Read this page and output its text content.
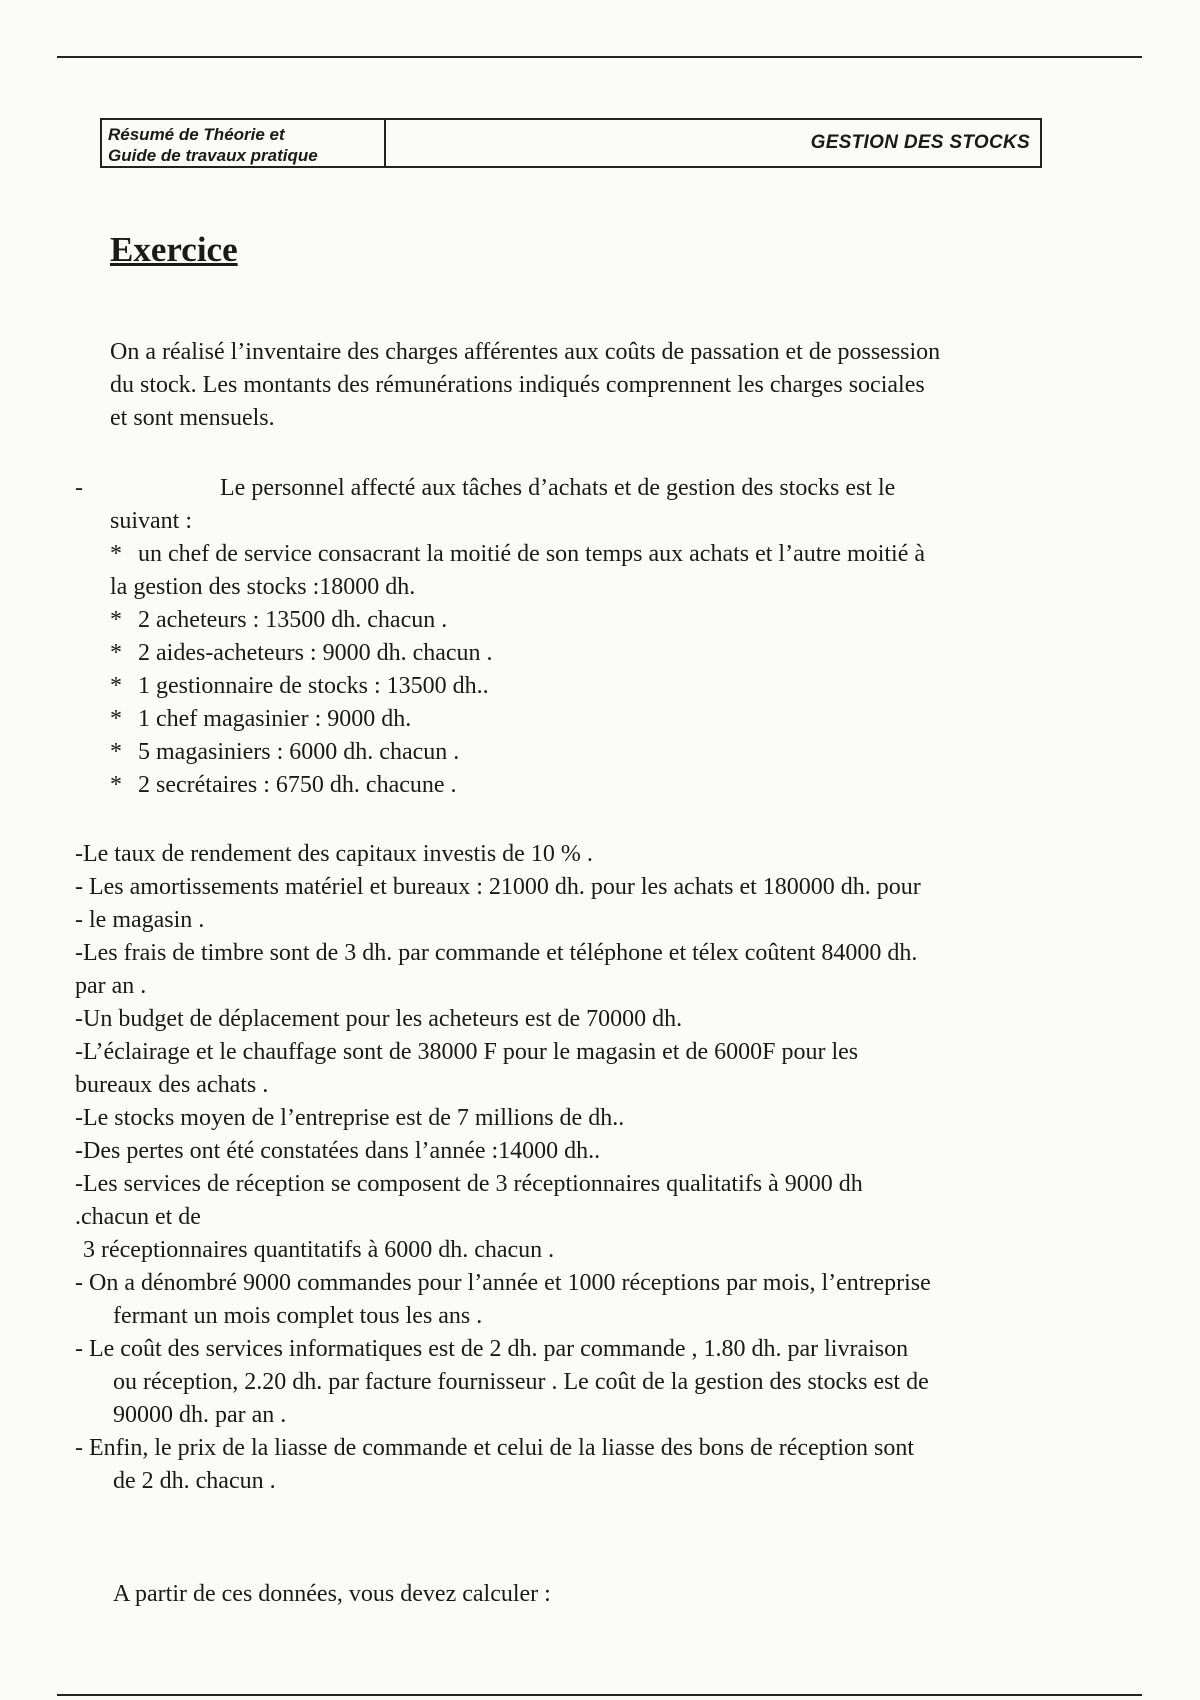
Résumé de Théorie et
Guide de travaux pratique
GESTION DES STOCKS
Exercice
On a réalisé l’inventaire des charges afférentes aux coûts de passation et de possession
du stock. Les montants des rémunérations indiqués comprennent les charges sociales
et sont mensuels.
-	Le personnel affecté aux tâches d’achats et de gestion des stocks est le
suivant :
* un chef de service consacrant la moitié de son temps aux achats et l’autre moitié à
la gestion des stocks :18000 dh.
* 2 acheteurs : 13500 dh. chacun .
* 2 aides-acheteurs : 9000 dh. chacun .
* 1 gestionnaire de stocks : 13500 dh..
* 1 chef magasinier : 9000 dh.
* 5 magasiniers : 6000 dh. chacun .
* 2 secrétaires : 6750 dh. chacune .

-Le taux de rendement des capitaux investis de 10 % .

- Les amortissements matériel et bureaux : 21000 dh. pour les achats et 180000 dh. pour

- le magasin .

-Les frais de timbre sont de 3 dh. par commande et téléphone et télex coûtent 84000 dh.

par an .

-Un budget de déplacement pour les acheteurs est de 70000 dh.

-L’éclairage et le chauffage sont de 38000 F pour le magasin et de 6000F pour les

bureaux des achats .

-Le stocks moyen de l’entreprise est de 7 millions de dh..

-Des pertes ont été constatées dans l’année :14000 dh..

-Les services de réception se composent de 3 réceptionnaires qualitatifs à 9000 dh

.chacun et de

3 réceptionnaires quantitatifs à 6000 dh. chacun .

- On a dénombré 9000 commandes pour l’année et 1000 réceptions par mois, l’entreprise

fermant un mois complet tous les ans .

- Le coût des services informatiques est de 2 dh. par commande , 1.80 dh. par livraison

ou réception, 2.20 dh. par facture fournisseur . Le coût de la gestion des stocks est de

90000 dh. par an .

- Enfin, le prix de la liasse de commande et celui de la liasse des bons de réception sont

de 2 dh. chacun .

A partir de ces données, vous devez calculer :
